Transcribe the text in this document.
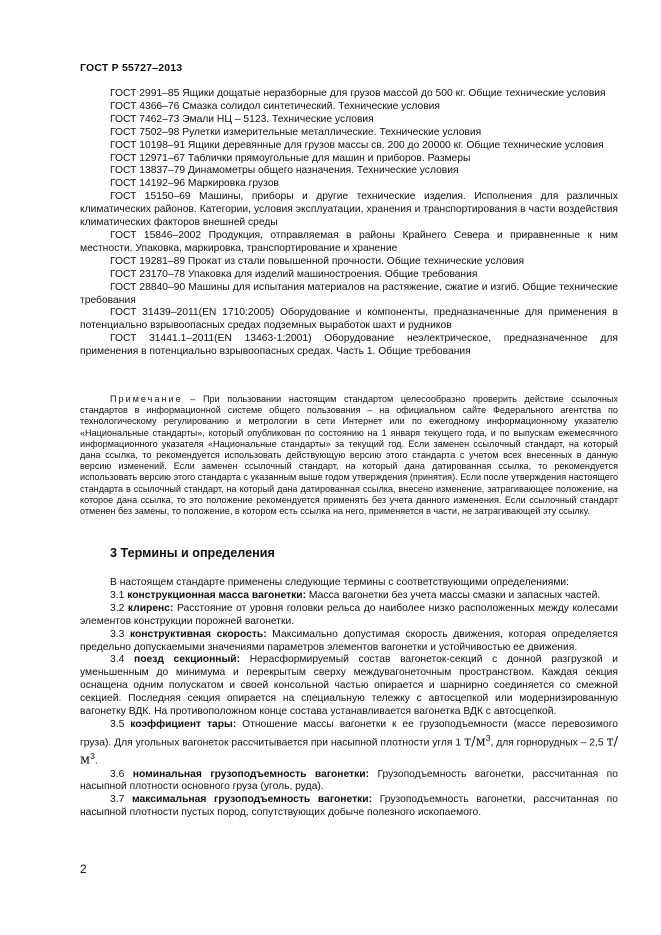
ГОСТ Р 55727–2013

ГОСТ 2991–85 Ящики дощатые неразборные для грузов массой до 500 кг. Общие технические условия

ГОСТ 4366–76 Смазка солидол синтетический. Технические условия

ГОСТ 7462–73 Эмали НЦ – 5123. Технические условия

ГОСТ 7502–98 Рулетки измерительные металлические. Технические условия

ГОСТ 10198–91 Ящики деревянные для грузов массы св. 200 до 20000 кг. Общие технические условия

ГОСТ 12971–67 Таблички прямоугольные для машин и приборов. Размеры

ГОСТ 13837–79 Динамометры общего назначения. Технические условия

ГОСТ 14192–96 Маркировка грузов

ГОСТ 15150–69 Машины, приборы и другие технические изделия. Исполнения для различных климатических районов. Категории, условия эксплуатации, хранения и транспортирования в части воздействия климатических факторов внешней среды

ГОСТ 15846–2002 Продукция, отправляемая в районы Крайнего Севера и приравненные к ним местности. Упаковка, маркировка, транспортирование и хранение

ГОСТ 19281–89 Прокат из стали повышенной прочности. Общие технические условия

ГОСТ 23170–78 Упаковка для изделий машиностроения. Общие требования

ГОСТ 28840–90 Машины для испытания материалов на растяжение, сжатие и изгиб. Общие технические требования

ГОСТ 31439–2011(EN 1710:2005) Оборудование и компоненты, предназначенные для применения в потенциально взрывоопасных средах подземных выработок шахт и рудников

ГОСТ 31441.1–2011(EN 13463-1:2001) Оборудование неэлектрическое, предназначенное для применения в потенциально взрывоопасных средах. Часть 1. Общие требования

Примечание – При пользовании настоящим стандартом целесообразно проверить действие ссылочных стандартов в информационной системе общего пользования – на официальном сайте Федерального агентства по технологическому регулированию и метрологии в сети Интернет или по ежегодному информационному указателю «Национальные стандарты», который опубликован по состоянию на 1 января текущего года, и по выпускам ежемесячного информационного указателя «Национальные стандарты» за текущий год. Если заменен ссылочный стандарт, на который дана ссылка, то рекомендуется использовать действующую версию этого стандарта с учетом всех внесенных в данную версию изменений. Если заменен ссылочный стандарт, на который дана датированная ссылка, то рекомендуется использовать версию этого стандарта с указанным выше годом утверждения (принятия). Если после утверждения настоящего стандарта в ссылочный стандарт, на который дана датированная ссылка, внесено изменение, затрагивающее положение, на которое дана ссылка, то это положение рекомендуется применять без учета данного изменения. Если ссылочный стандарт отменен без замены, то положение, в котором есть ссылка на него, применяется в части, не затрагивающей эту ссылку.

3 Термины и определения

В настоящем стандарте применены следующие термины с соответствующими определениями:

3.1 конструкционная масса вагонетки: Масса вагонетки без учета массы смазки и запасных частей.

3.2 клиренс: Расстояние от уровня головки рельса до наиболее низко расположенных между колесами элементов конструкции порожней вагонетки.

3.3 конструктивная скорость: Максимально допустимая скорость движения, которая определяется предельно допускаемыми значениями параметров элементов вагонетки и устойчивостью ее движения.

3.4 поезд секционный: Нерасформируемый состав вагонеток-секций с донной разгрузкой и уменьшенным до минимума и перекрытым сверху междувагонеточным пространством. Каждая секция оснащена одним полускатом и своей консольной частью опирается и шарнирно соединяется со смежной секцией. Последняя секция опирается на специальную тележку с автосцепкой или модернизированную вагонетку ВДК. На противоположном конце состава устанавливается вагонетка ВДК с автосцепкой.

3.5 коэффициент тары: Отношение массы вагонетки к ее грузоподъемности (массе перевозимого груза). Для угольных вагонеток рассчитывается при насыпной плотности угля 1 $т/м^3$, для горнорудных – 2,5 $т/м^3$.

3.6 номинальная грузоподъемность вагонетки: Грузоподъемность вагонетки, рассчитанная по насыпной плотности основного груза (уголь, руда).

3.7 максимальная грузоподъемность вагонетки: Грузоподъемность вагонетки, рассчитанная по насыпной плотности пустых пород, сопутствующих добыче полезного ископаемого.

2
